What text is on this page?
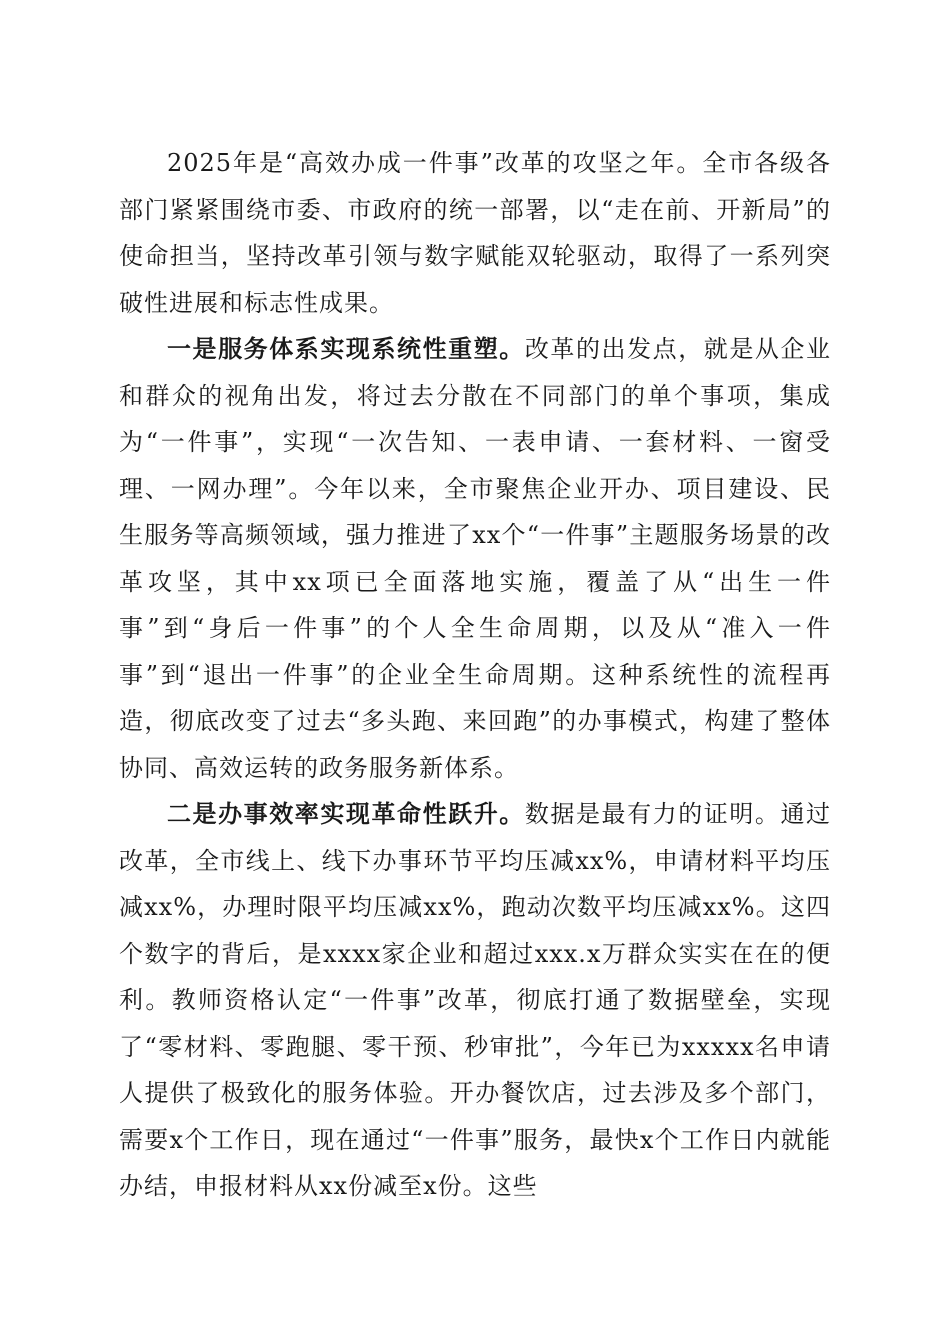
2025年是“高效办成一件事”改革的攻坚之年。全市各级各部门紧紧围绕市委、市政府的统一部署，以“走在前、开新局”的使命担当，坚持改革引领与数字赋能双轮驱动，取得了一系列突破性进展和标志性成果。

一是服务体系实现系统性重塑。改革的出发点，就是从企业和群众的视角出发，将过去分散在不同部门的单个事项，集成为“一件事”，实现“一次告知、一表申请、一套材料、一窗受理、一网办理”。今年以来，全市聚焦企业开办、项目建设、民生服务等高频领域，强力推进了xx个“一件事”主题服务场景的改革攻坚，其中xx项已全面落地实施，覆盖了从“出生一件事”到“身后一件事”的个人全生命周期，以及从“准入一件事”到“退出一件事”的企业全生命周期。这种系统性的流程再造，彻底改变了过去“多头跑、来回跑”的办事模式，构建了整体协同、高效运转的政务服务新体系。

二是办事效率实现革命性跃升。数据是最有力的证明。通过改革，全市线上、线下办事环节平均压减xx%，申请材料平均压减xx%，办理时限平均压减xx%，跑动次数平均压减xx%。这四个数字的背后，是xxxx家企业和超过xxx.x万群众实实在在的便利。教师资格认定“一件事”改革，彻底打通了数据壁垒，实现了“零材料、零跑腿、零干预、秒审批”，今年已为xxxxx名申请人提供了极致化的服务体验。开办餐饮店，过去涉及多个部门，需要x个工作日，现在通过“一件事”服务，最快x个工作日内就能办结，申报材料从xx份减至x份。这些
